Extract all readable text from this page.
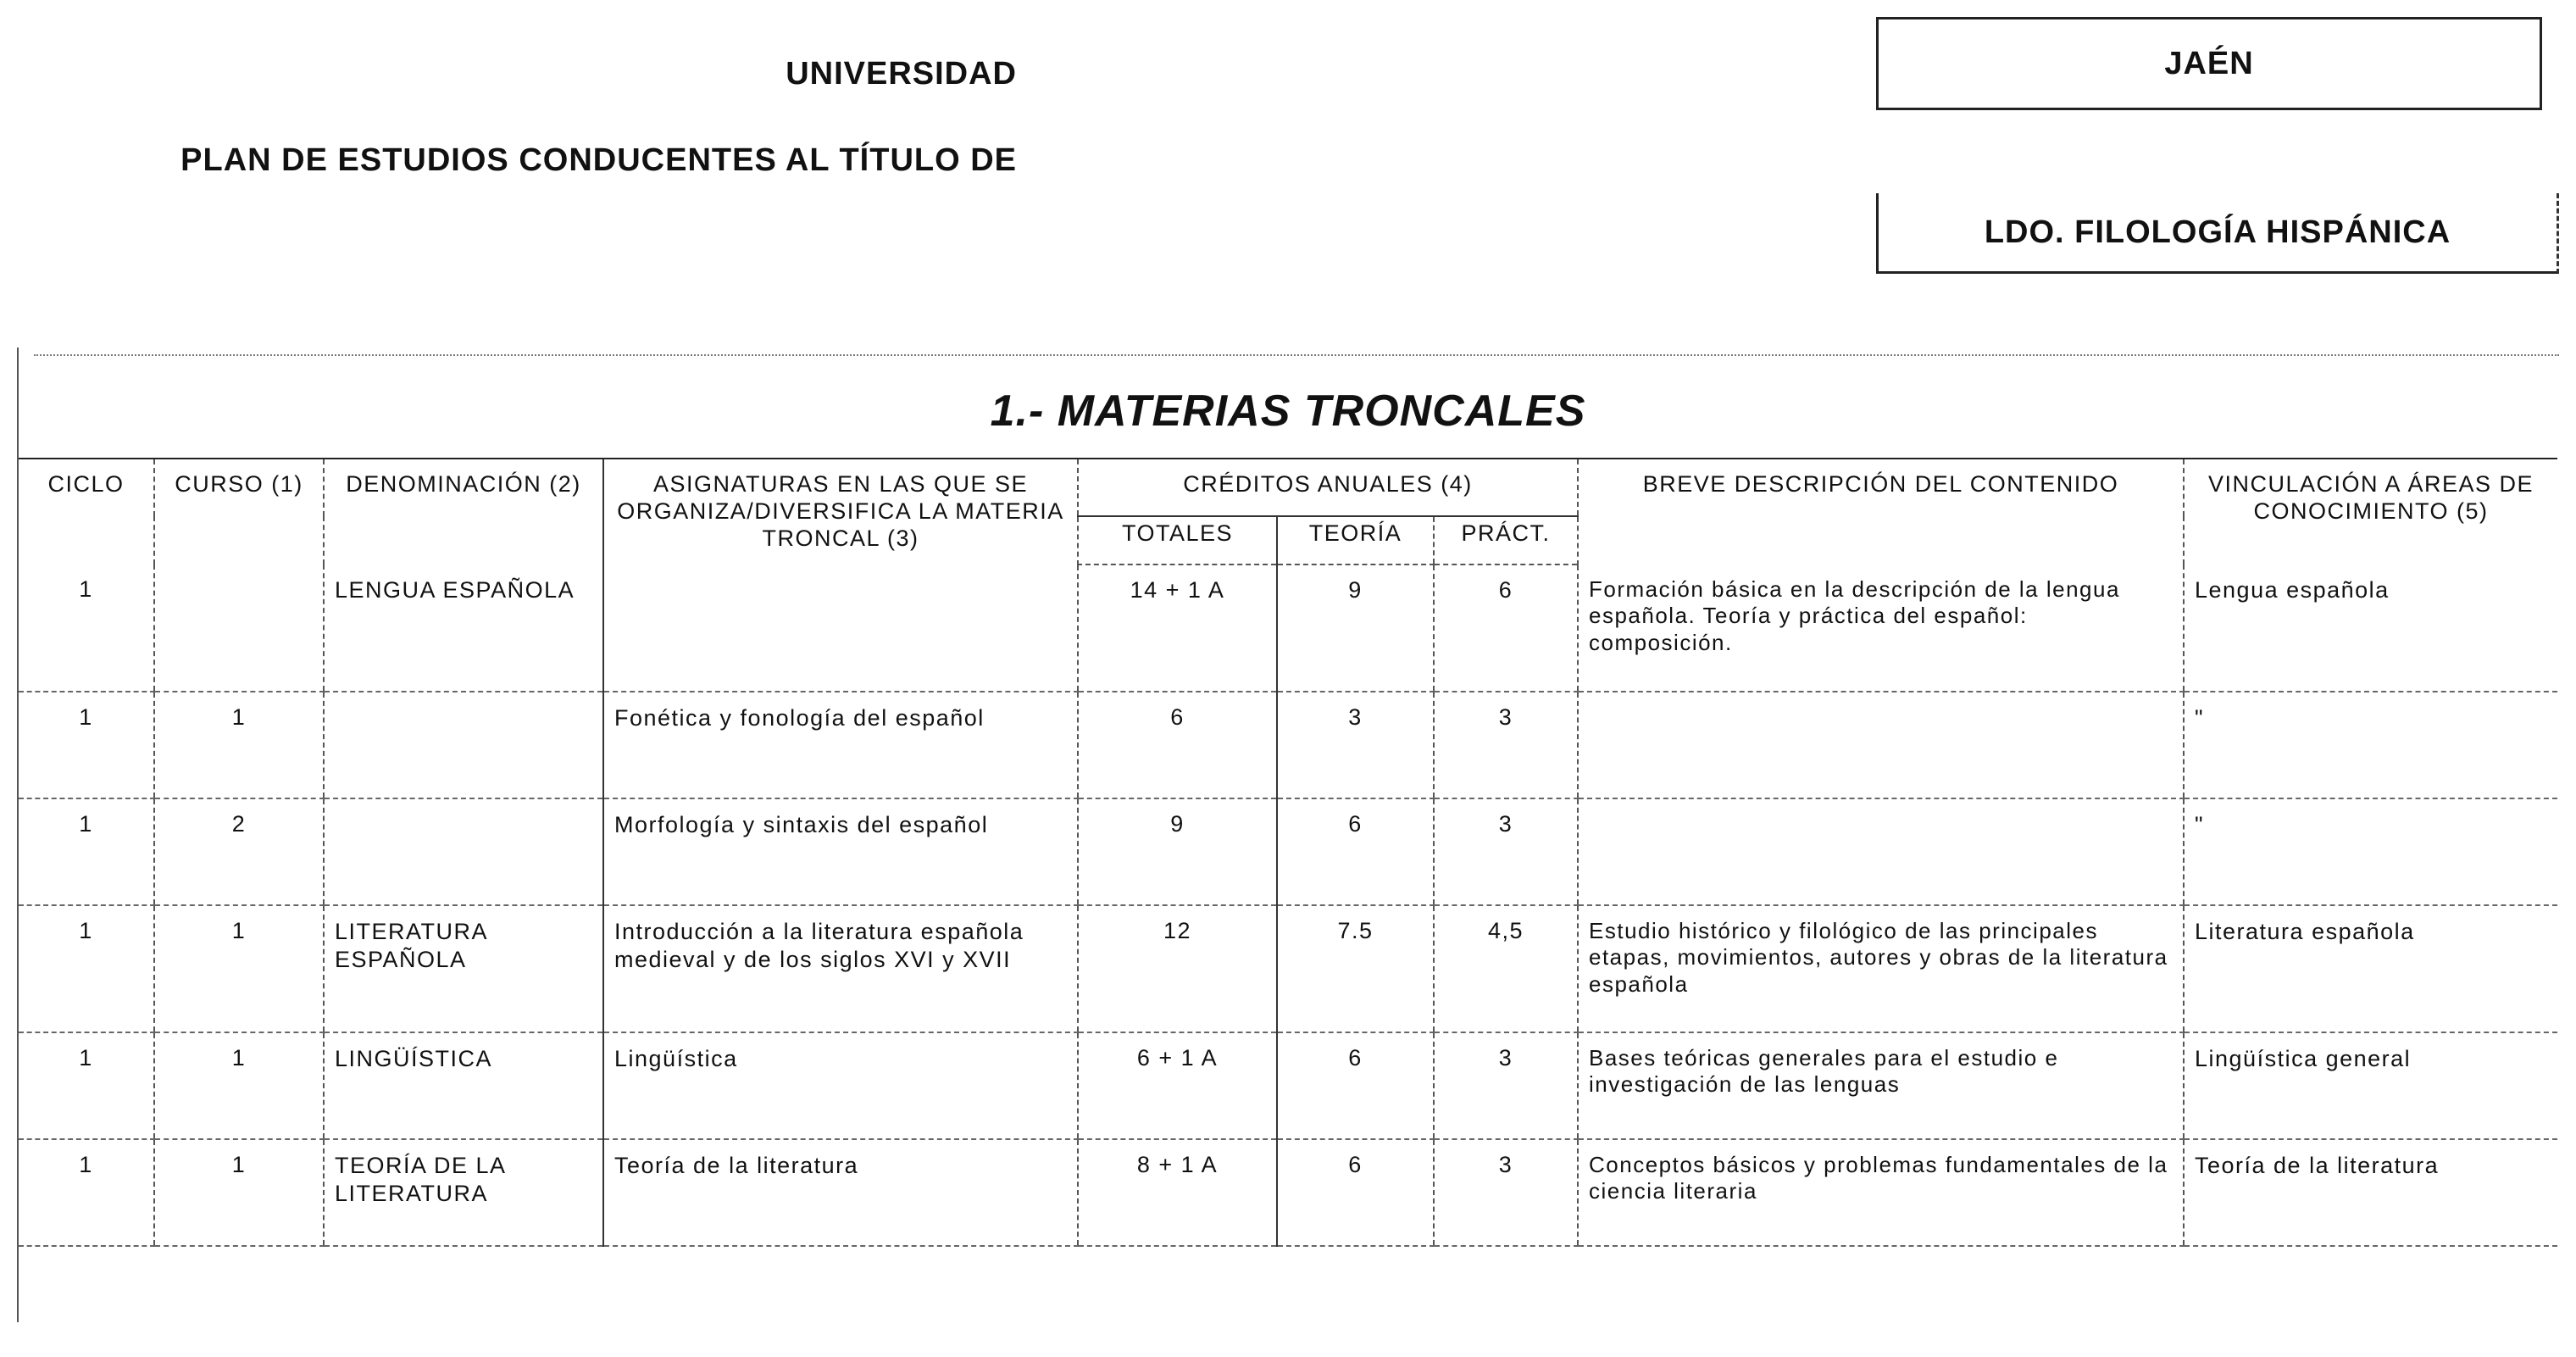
UNIVERSIDAD	JAÉN
PLAN DE ESTUDIOS CONDUCENTES AL TÍTULO DE
LDO. FILOLOGÍA HISPÁNICA
1.- MATERIAS TRONCALES
CICLO	CURSO (1)	DENOMINACIÓN (2)	ASIGNATURAS EN LAS QUE SE ORGANIZA/DIVERSIFICA LA MATERIA TRONCAL (3)	CRÉDITOS ANUALES (4)			BREVE DESCRIPCIÓN DEL CONTENIDO	VINCULACIÓN A ÁREAS DE CONOCIMIENTO (5)
				TOTALES	TEORÍA	PRÁCT.		
1		LENGUA ESPAÑOLA		14 + 1 A	9	6	Formación básica en la descripción de la lengua española. Teoría y práctica del español: composición.	Lengua española
1	1		Fonética y fonología del español	6	3	3		"
1	2		Morfología y sintaxis del español	9	6	3		"
1	1	LITERATURA ESPAÑOLA	Introducción a la literatura española medieval y de los siglos XVI y XVII	12	7.5	4,5	Estudio histórico y filológico de las principales etapas, movimientos, autores y obras de la literatura española	Literatura española
1	1	LINGÜÍSTICA	Lingüística	6 + 1 A	6	3	Bases teóricas generales para el estudio e investigación de las lenguas	Lingüística general
1	1	TEORÍA DE LA LITERATURA	Teoría de la literatura	8 + 1 A	6	3	Conceptos básicos y problemas fundamentales de la ciencia literaria	Teoría de la literatura
